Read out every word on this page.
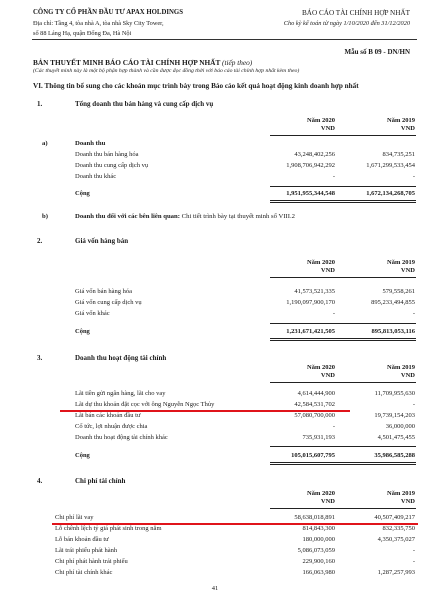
CÔNG TY CỔ PHẦN ĐẦU TƯ APAX HOLDINGS
Địa chỉ: Tầng 4, tòa nhà A, tòa nhà Sky City Tower,
số 88 Láng Hạ, quận Đống Đa, Hà Nội
BÁO CÁO TÀI CHÍNH HỢP NHẤT
Cho kỳ kế toán từ ngày 1/10/2020 đến 31/12/2020
Mẫu số B 09 - DN/HN
BẢN THUYẾT MINH BÁO CÁO TÀI CHÍNH HỢP NHẤT (tiếp theo)
(Các thuyết minh này là một bộ phận hợp thành và cần được đọc đồng thời với báo cáo tài chính hợp nhất kèm theo)
VI. Thông tin bổ sung cho các khoản mục trình bày trong Báo cáo kết quả hoạt động kinh doanh hợp nhất
1.	Tổng doanh thu bán hàng và cung cấp dịch vụ
Năm 2020
VND
Năm 2019
VND
a)	Doanh thu
Doanh thu bán hàng hóa	43,248,402,256	834,735,251
Doanh thu cung cấp dịch vụ	1,908,706,942,292	1,671,299,533,454
Doanh thu khác	-	-
Cộng	1,951,955,344,548	1,672,134,268,705
b)	Doanh thu đối với các bên liên quan: Chi tiết trình bày tại thuyết minh số VIII.2
2.	Giá vốn hàng bán
Năm 2020
VND
Năm 2019
VND
Giá vốn bán hàng hóa	41,573,521,335	579,558,261
Giá vốn cung cấp dịch vụ	1,190,097,900,170	895,233,494,855
Giá vốn khác	-	-
Cộng	1,231,671,421,505	895,813,053,116
3.	Doanh thu hoạt động tài chính
Năm 2020
VND
Năm 2019
VND
Lãi tiền gửi ngân hàng, lãi cho vay	4,614,444,900	11,709,955,630
Lãi dự thu khoản đặt cọc với ông Nguyễn Ngọc Thủy	42,584,531,702	-
Lãi bán các khoản đầu tư	57,080,700,000	19,739,154,203
Cổ tức, lợi nhuận được chia	-	36,000,000
Doanh thu hoạt động tài chính khác	735,931,193	4,501,475,455
Cộng	105,015,607,795	35,986,585,288
4.	Chi phí tài chính
Năm 2020
VND
Năm 2019
VND
Chi phí lãi vay	58,638,018,891	40,507,409,217
Lỗ chênh lệch tỷ giá phát sinh trong năm	814,843,300	832,335,750
Lỗ bán khoản đầu tư	180,000,000	4,350,375,027
Lãi trái phiếu phát hành	5,086,073,059	-
Chi phí phát hành trái phiếu	229,900,160	-
Chi phí tài chính khác	166,063,980	1,287,257,993
41
